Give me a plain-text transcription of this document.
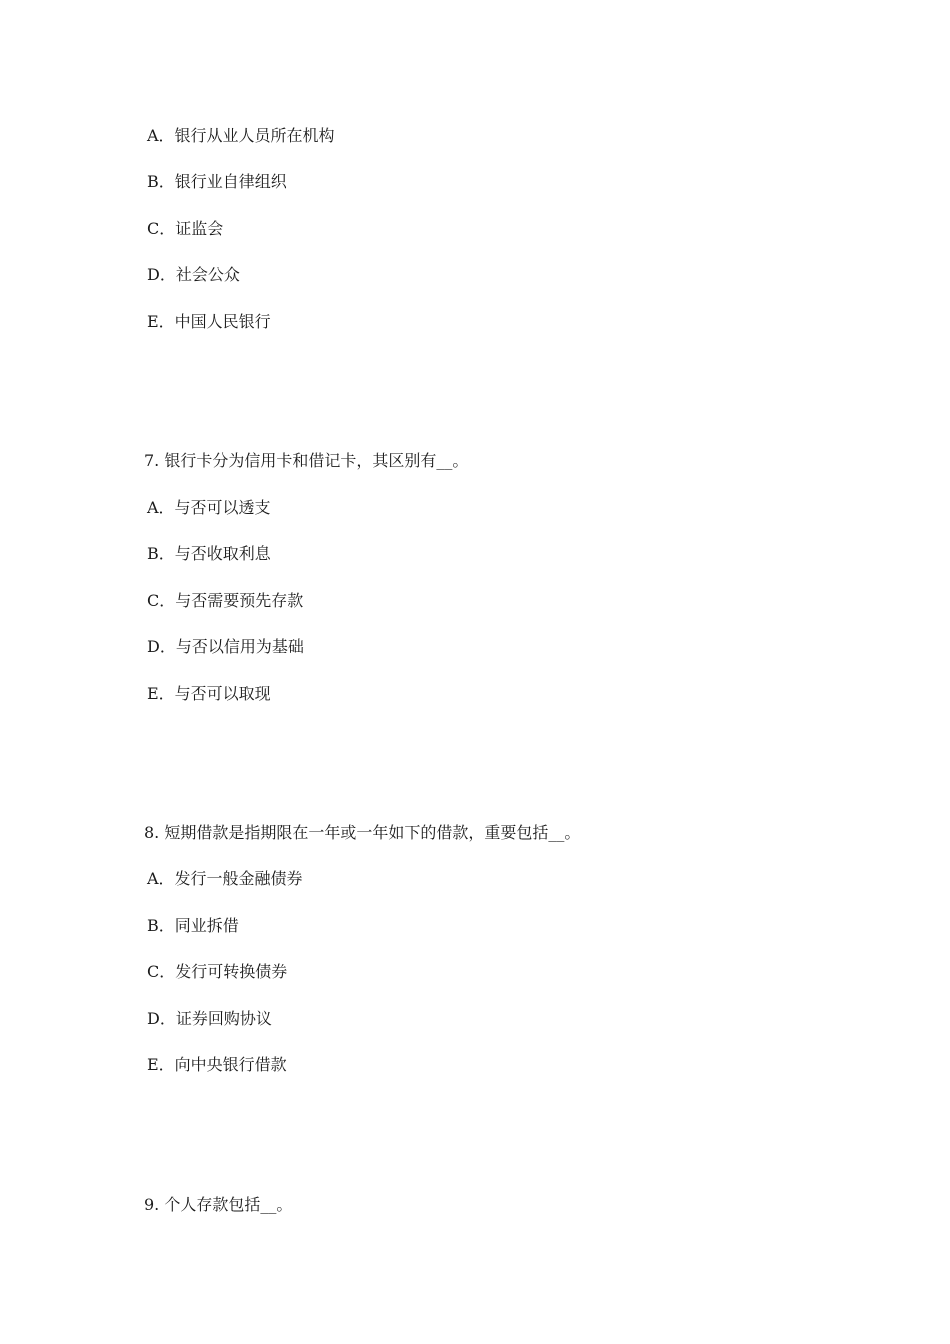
A．银行从业人员所在机构
B．银行业自律组织
C．证监会
D．社会公众
E．中国人民银行
7. 银行卡分为信用卡和借记卡，其区别有__。
A．与否可以透支
B．与否收取利息
C．与否需要预先存款
D．与否以信用为基础
E．与否可以取现
8. 短期借款是指期限在一年或一年如下的借款，重要包括__。
A．发行一般金融债券
B．同业拆借
C．发行可转换债券
D．证券回购协议
E．向中央银行借款
9. 个人存款包括__。
